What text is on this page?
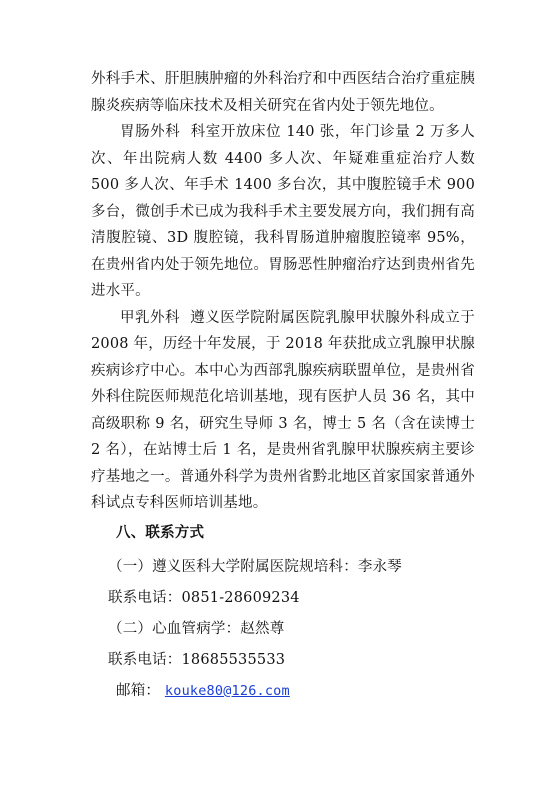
外科手术、肝胆胰肿瘤的外科治疗和中西医结合治疗重症胰腺炎疾病等临床技术及相关研究在省内处于领先地位。

胃肠外科 科室开放床位 140 张，年门诊量 2 万多人次、年出院病人数 4400 多人次、年疑难重症治疗人数 500 多人次、年手术 1400 多台次，其中腹腔镜手术 900 多台，微创手术已成为我科手术主要发展方向，我们拥有高清腹腔镜、3D 腹腔镜，我科胃肠道肿瘤腹腔镜率 95%，在贵州省内处于领先地位。胃肠恶性肿瘤治疗达到贵州省先进水平。

甲乳外科 遵义医学院附属医院乳腺甲状腺外科成立于 2008 年，历经十年发展，于 2018 年获批成立乳腺甲状腺疾病诊疗中心。本中心为西部乳腺疾病联盟单位，是贵州省外科住院医师规范化培训基地，现有医护人员 36 名，其中高级职称 9 名，研究生导师 3 名，博士 5 名（含在读博士 2 名），在站博士后 1 名，是贵州省乳腺甲状腺疾病主要诊疗基地之一。普通外科学为贵州省黔北地区首家国家普通外科试点专科医师培训基地。

八、联系方式

（一）遵义医科大学附属医院规培科：李永琴

联系电话：0851-28609234

（二）心血管病学：赵然尊

联系电话：18685535533

邮箱： kouke80@126.com
